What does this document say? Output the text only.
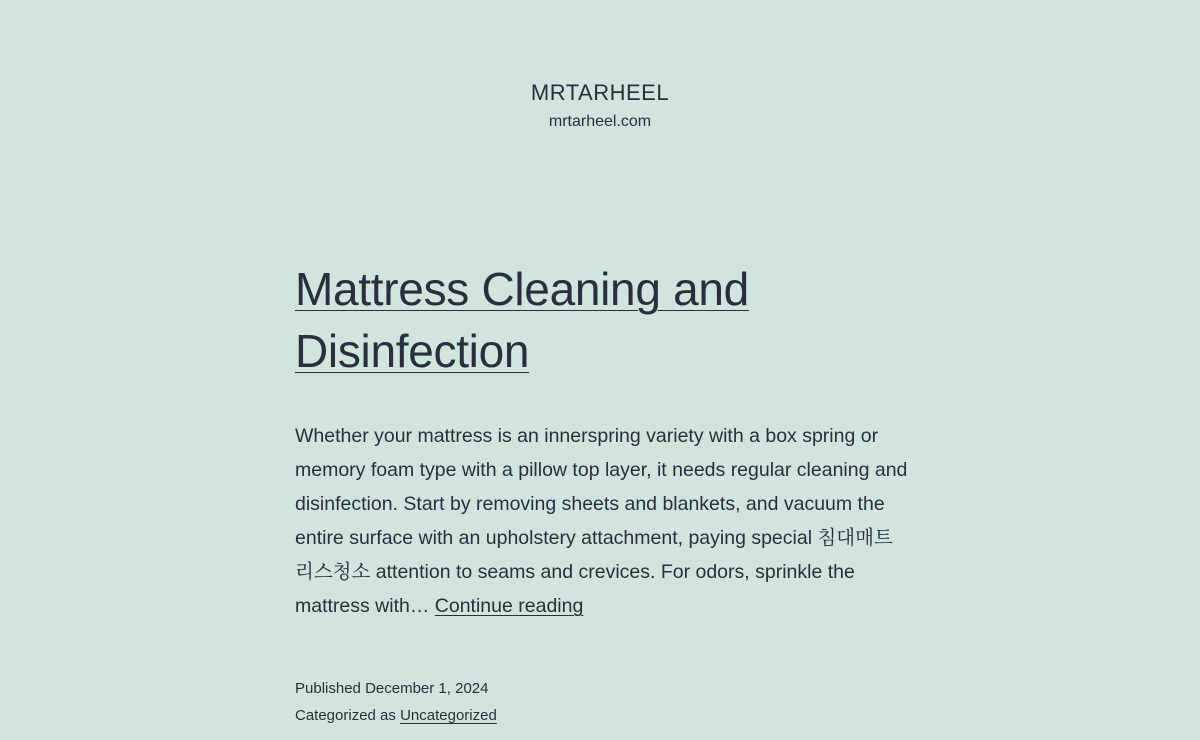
MRTARHEEL
mrtarheel.com
Mattress Cleaning and
Disinfection
Whether your mattress is an innerspring variety with a box spring or memory foam type with a pillow top layer, it needs regular cleaning and disinfection. Start by removing sheets and blankets, and vacuum the entire surface with an upholstery attachment, paying special 침대매트리스청소 attention to seams and crevices. For odors, sprinkle the mattress with… Continue reading
Published December 1, 2024
Categorized as Uncategorized
